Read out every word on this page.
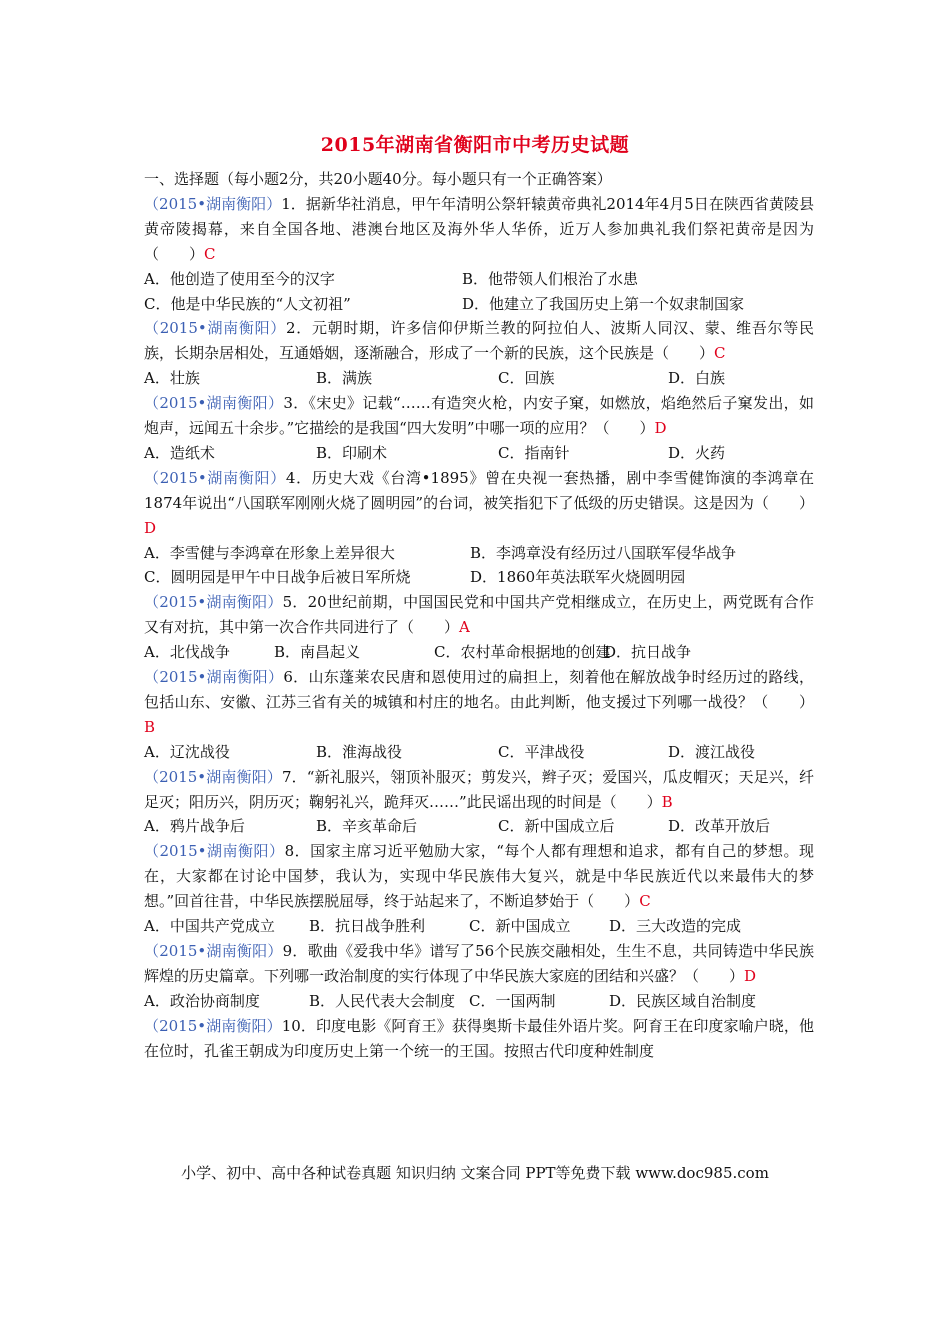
2015年湖南省衡阳市中考历史试题
一、选择题（每小题2分，共20小题40分。每小题只有一个正确答案）
（2015•湖南衡阳）1．据新华社消息，甲午年清明公祭轩辕黄帝典礼2014年4月5日在陕西省黄陵县黄帝陵揭幕，来自全国各地、港澳台地区及海外华人华侨，近万人参加典礼我们祭祀黄帝是因为（　　）C
A．他创造了使用至今的汉字	B．他带领人们根治了水患
C．他是中华民族的“人文初祖”	D．他建立了我国历史上第一个奴隶制国家
（2015•湖南衡阳）2．元朝时期，许多信仰伊斯兰教的阿拉伯人、波斯人同汉、蒙、维吾尔等民族，长期杂居相处，互通婚姻，逐渐融合，形成了一个新的民族，这个民族是（　　）C
A．壮族	B．满族	C．回族	D．白族
（2015•湖南衡阳）3．《宋史》记载“……有造突火枪，内安子窠，如燃放，焰绝然后子窠发出，如炮声，远闻五十余步。”它描绘的是我国“四大发明”中哪一项的应用？（　　）D
A．造纸术	B．印刷术	C．指南针	D．火药
（2015•湖南衡阳）4．历史大戏《台湾•1895》曾在央视一套热播，剧中李雪健饰演的李鸿章在1874年说出“八国联军刚刚火烧了圆明园”的台词，被笑指犯下了低级的历史错误。这是因为（　　）D
A．李雪健与李鸿章在形象上差异很大	B．李鸿章没有经历过八国联军侵华战争
C．圆明园是甲午中日战争后被日军所烧	D．1860年英法联军火烧圆明园
（2015•湖南衡阳）5．20世纪前期，中国国民党和中国共产党相继成立，在历史上，两党既有合作又有对抗，其中第一次合作共同进行了（　　）A
A．北伐战争	B．南昌起义	C．农村革命根据地的创建
D．抗日战争
（2015•湖南衡阳）6．山东蓬莱农民唐和恩使用过的扁担上，刻着他在解放战争时经历过的路线，包括山东、安徽、江苏三省有关的城镇和村庄的地名。由此判断，他支援过下列哪一战役？（　　）B
A．辽沈战役	B．淮海战役	C．平津战役	D．渡江战役
（2015•湖南衡阳）7．“新礼服兴，翎顶补服灭；剪发兴，辫子灭；爱国兴，瓜皮帽灭；天足兴，纤足灭；阳历兴，阴历灭；鞠躬礼兴，跪拜灭……”此民谣出现的时间是（　　）B
A．鸦片战争后	B．辛亥革命后	C．新中国成立后	D．改革开放后
（2015•湖南衡阳）8．国家主席习近平勉励大家，“每个人都有理想和追求，都有自己的梦想。现在，大家都在讨论中国梦，我认为，实现中华民族伟大复兴，就是中华民族近代以来最伟大的梦想。”回首往昔，中华民族摆脱屈辱，终于站起来了，不断追梦始于（　　）C
A．中国共产党成立	B．抗日战争胜利	C．新中国成立	D．三大改造的完成
（2015•湖南衡阳）9．歌曲《爱我中华》谱写了56个民族交融相处，生生不息，共同铸造中华民族辉煌的历史篇章。下列哪一政治制度的实行体现了中华民族大家庭的团结和兴盛？（　　）D
A．政治协商制度	B．人民代表大会制度 C．一国两制	D．民族区域自治制度
（2015•湖南衡阳）10．印度电影《阿育王》获得奥斯卡最佳外语片奖。阿育王在印度家喻户晓，他在位时，孔雀王朝成为印度历史上第一个统一的王国。按照古代印度种姓制度
小学、初中、高中各种试卷真题 知识归纳 文案合同 PPT等免费下载 www.doc985.com
